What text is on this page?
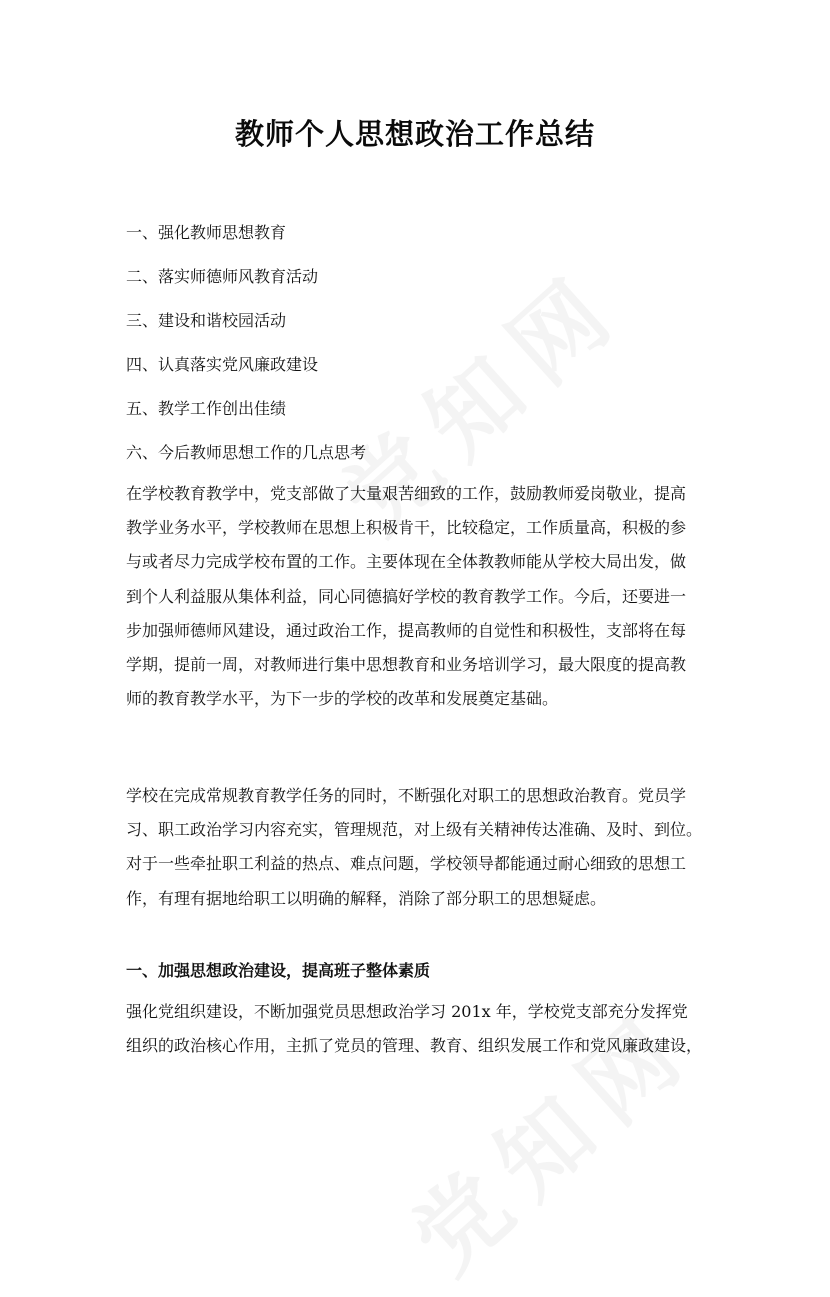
教师个人思想政治工作总结
一、强化教师思想教育
二、落实师德师风教育活动
三、建设和谐校园活动
四、认真落实党风廉政建设
五、教学工作创出佳绩
六、今后教师思想工作的几点思考
在学校教育教学中，党支部做了大量艰苦细致的工作，鼓励教师爱岗敬业，提高
教学业务水平，学校教师在思想上积极肯干，比较稳定，工作质量高，积极的参
与或者尽力完成学校布置的工作。主要体现在全体教教师能从学校大局出发，做
到个人利益服从集体利益，同心同德搞好学校的教育教学工作。今后，还要进一
步加强师德师风建设，通过政治工作，提高教师的自觉性和积极性，支部将在每
学期，提前一周，对教师进行集中思想教育和业务培训学习，最大限度的提高教
师的教育教学水平，为下一步的学校的改革和发展奠定基础。
学校在完成常规教育教学任务的同时，不断强化对职工的思想政治教育。党员学
习、职工政治学习内容充实，管理规范，对上级有关精神传达准确、及时、到位。
对于一些牵扯职工利益的热点、难点问题，学校领导都能通过耐心细致的思想工
作，有理有据地给职工以明确的解释，消除了部分职工的思想疑虑。
一、加强思想政治建设，提高班子整体素质
强化党组织建设，不断加强党员思想政治学习 201x 年，学校党支部充分发挥党
组织的政治核心作用，主抓了党员的管理、教育、组织发展工作和党风廉政建设，
